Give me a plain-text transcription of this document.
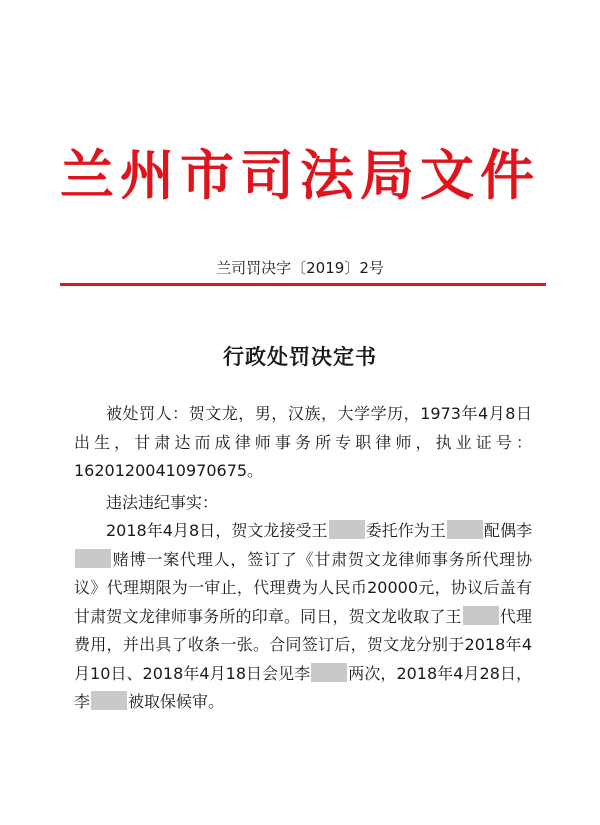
兰州市司法局文件
兰司罚决字〔2019〕2号
行政处罚决定书

被处罚人：贺文龙，男，汉族，大学学历，1973年4月8日出生，甘肃达而成律师事务所专职律师，执业证号：16201200410970675。

违法违纪事实：

2018年4月8日，贺文龙接受王 委托作为王 配偶李赌博一案代理人，签订了《甘肃贺文龙律师事务所代理协议》代理期限为一审止，代理费为人民币20000元，协议后盖有甘肃贺文龙律师事务所的印章。同日，贺文龙收取了王 代理费用，并出具了收条一张。合同签订后，贺文龙分别于2018年4月10日、2018年4月18日会见李 两次，2018年4月28日，李 被取保候审。
